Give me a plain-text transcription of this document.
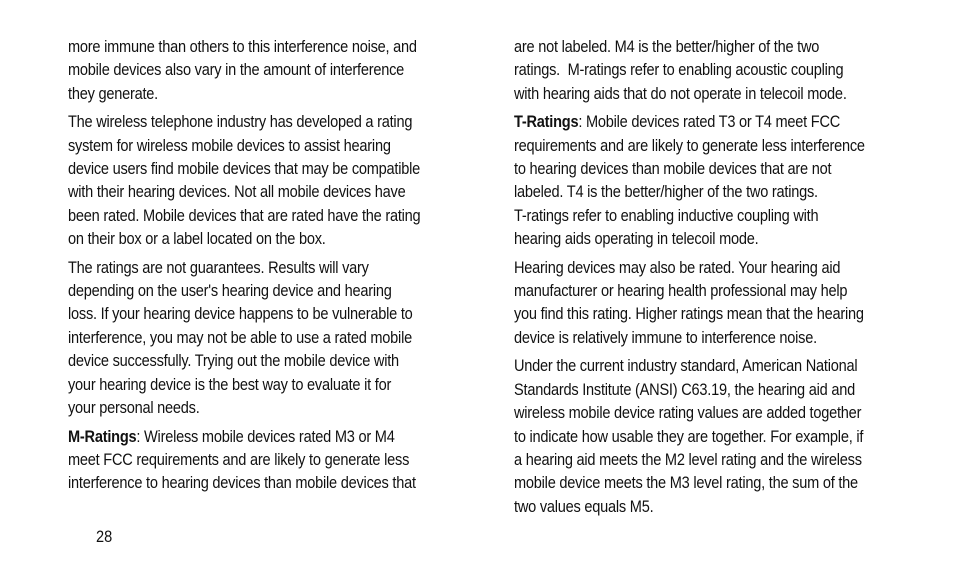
more immune than others to this interference noise, and
mobile devices also vary in the amount of interference
they generate.

The wireless telephone industry has developed a rating
system for wireless mobile devices to assist hearing
device users find mobile devices that may be compatible
with their hearing devices. Not all mobile devices have
been rated. Mobile devices that are rated have the rating
on their box or a label located on the box.

The ratings are not guarantees. Results will vary
depending on the user's hearing device and hearing
loss. If your hearing device happens to be vulnerable to
interference, you may not be able to use a rated mobile
device successfully. Trying out the mobile device with
your hearing device is the best way to evaluate it for
your personal needs.

M-Ratings: Wireless mobile devices rated M3 or M4
meet FCC requirements and are likely to generate less
interference to hearing devices than mobile devices that

are not labeled. M4 is the better/higher of the two
ratings.  M-ratings refer to enabling acoustic coupling
with hearing aids that do not operate in telecoil mode.

T-Ratings: Mobile devices rated T3 or T4 meet FCC
requirements and are likely to generate less interference
to hearing devices than mobile devices that are not
labeled. T4 is the better/higher of the two ratings.
T-ratings refer to enabling inductive coupling with
hearing aids operating in telecoil mode.

Hearing devices may also be rated. Your hearing aid
manufacturer or hearing health professional may help
you find this rating. Higher ratings mean that the hearing
device is relatively immune to interference noise.

Under the current industry standard, American National
Standards Institute (ANSI) C63.19, the hearing aid and
wireless mobile device rating values are added together
to indicate how usable they are together. For example, if
a hearing aid meets the M2 level rating and the wireless
mobile device meets the M3 level rating, the sum of the
two values equals M5.

28
